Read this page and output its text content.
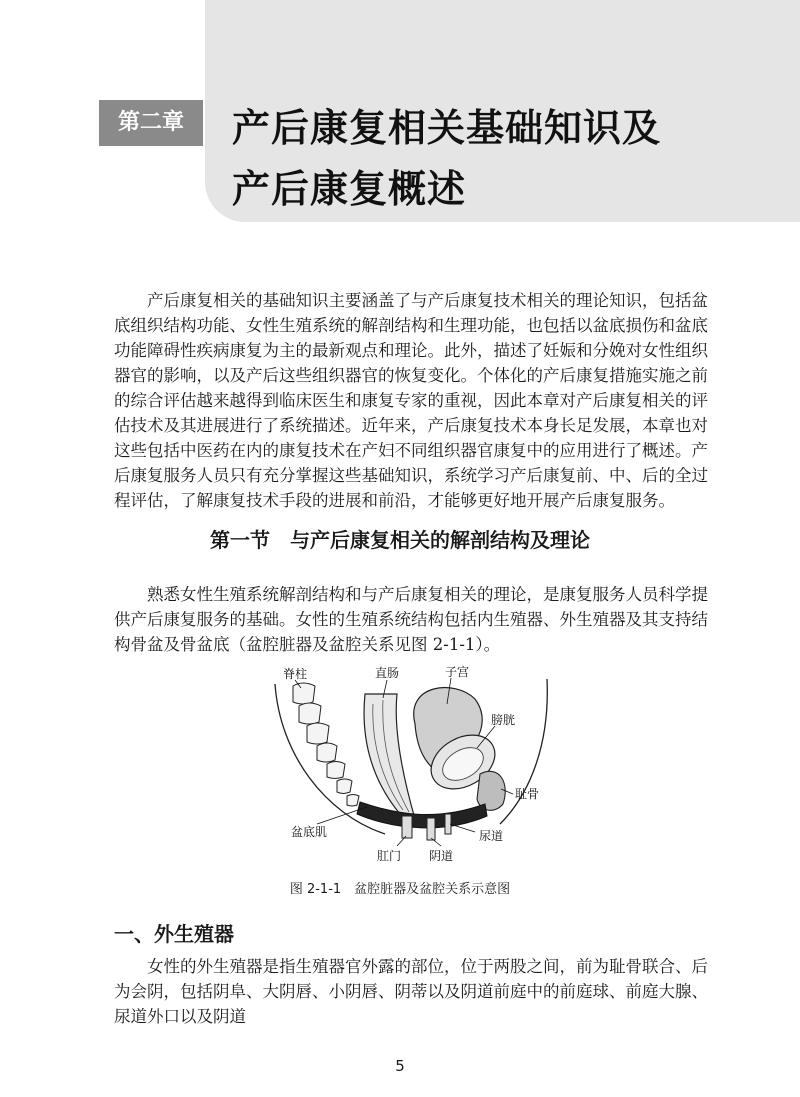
第二章	产后康复相关基础知识及
产后康复概述

产后康复相关的基础知识主要涵盖了与产后康复技术相关的理论知识，包括盆底组织结构功能、女性生殖系统的解剖结构和生理功能，也包括以盆底损伤和盆底功能障碍性疾病康复为主的最新观点和理论。此外，描述了妊娠和分娩对女性组织器官的影响，以及产后这些组织器官的恢复变化。个体化的产后康复措施实施之前的综合评估越来越得到临床医生和康复专家的重视，因此本章对产后康复相关的评估技术及其进展进行了系统描述。近年来，产后康复技术本身长足发展，本章也对这些包括中医药在内的康复技术在产妇不同组织器官康复中的应用进行了概述。产后康复服务人员只有充分掌握这些基础知识，系统学习产后康复前、中、后的全过程评估，了解康复技术手段的进展和前沿，才能够更好地开展产后康复服务。

第一节　与产后康复相关的解剖结构及理论

熟悉女性生殖系统解剖结构和与产后康复相关的理论，是康复服务人员科学提供产后康复服务的基础。女性的生殖系统结构包括内生殖器、外生殖器及其支持结构骨盆及骨盆底（盆腔脏器及盆腔关系见图 2-1-1）。

脊柱	直肠	子宫
膀胱
耻骨
盆底肌
肛门 阴道
尿道
图 2-1-1　盆腔脏器及盆腔关系示意图
一、外生殖器

女性的外生殖器是指生殖器官外露的部位，位于两股之间，前为耻骨联合、后为会阴，包括阴阜、大阴唇、小阴唇、阴蒂以及阴道前庭中的前庭球、前庭大腺、尿道外口以及阴道

5
